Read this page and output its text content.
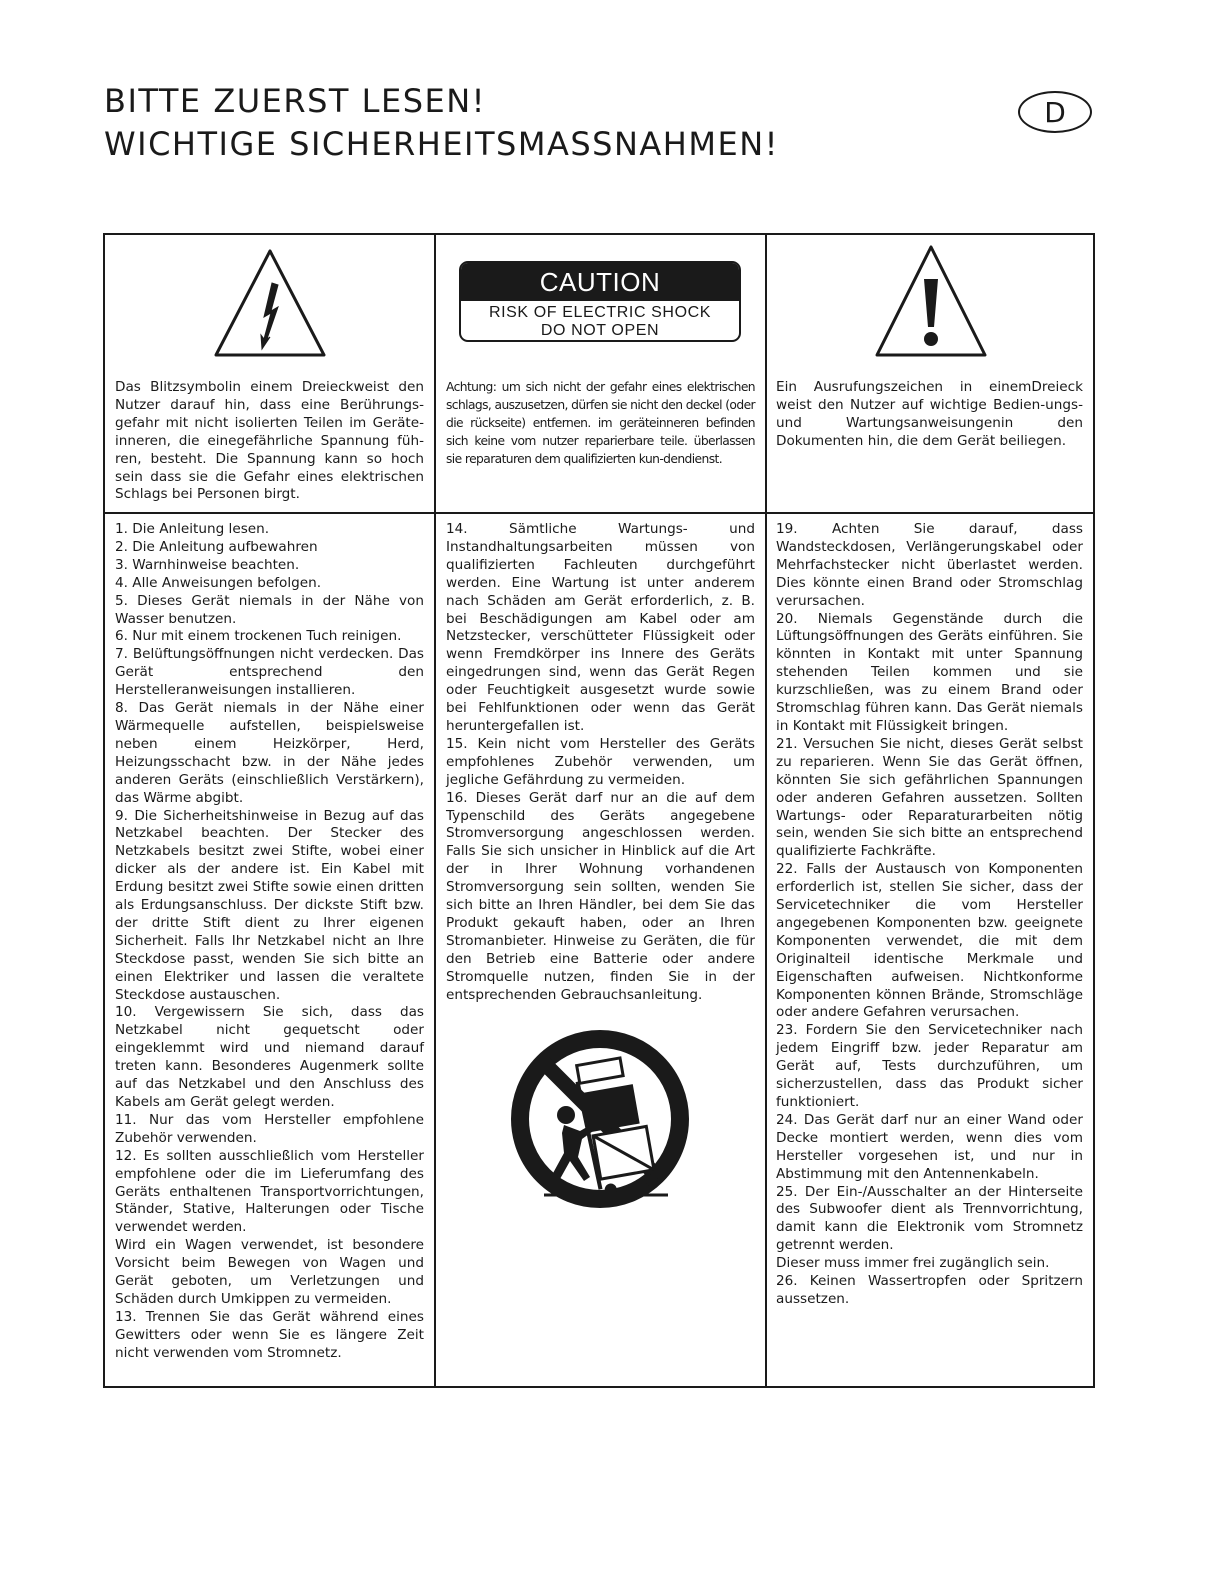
BITTE ZUERST LESEN!
WICHTIGE SICHERHEITSMASSNAHMEN!
D
CAUTION
RISK OF ELECTRIC SHOCK
DO NOT OPEN

Das Blitzsymbolin einem Dreieckweist den Nutzer darauf hin, dass eine Berührungs-gefahr mit nicht isolierten Teilen im Geräte-inneren, die einegefährliche Spannung füh-ren, besteht. Die Spannung kann so hoch sein dass sie die Gefahr eines elektrischen Schlags bei Personen birgt.

Achtung: um sich nicht der gefahr eines elektrischen schlags, auszusetzen, dürfen sie nicht den deckel (oder die rückseite) entfernen. im geräteinneren befinden sich keine vom nutzer reparierbare teile. überlassen sie reparaturen dem qualifizierten kun-dendienst.

Ein Ausrufungszeichen in einemDreieck weist den Nutzer auf wichtige Bedien-ungs- und Wartungsanweisungenin den Dokumenten hin, die dem Gerät beiliegen.

1. Die Anleitung lesen.
2. Die Anleitung aufbewahren
3. Warnhinweise beachten.
4. Alle Anweisungen befolgen.
5. Dieses Gerät niemals in der Nähe von Wasser benutzen.
6. Nur mit einem trockenen Tuch reinigen.
7. Belüftungsöffnungen nicht verdecken. Das Gerät entsprechend den Herstelleranweisungen installieren.
8. Das Gerät niemals in der Nähe einer Wärmequelle aufstellen, beispielsweise neben einem Heizkörper, Herd, Heizungsschacht bzw. in der Nähe jedes anderen Geräts (einschließlich Verstärkern), das Wärme abgibt.
9. Die Sicherheitshinweise in Bezug auf das Netzkabel beachten. Der Stecker des Netzkabels besitzt zwei Stifte, wobei einer dicker als der andere ist. Ein Kabel mit Erdung besitzt zwei Stifte sowie einen dritten als Erdungsanschluss. Der dickste Stift bzw. der dritte Stift dient zu Ihrer eigenen Sicherheit. Falls Ihr Netzkabel nicht an Ihre Steckdose passt, wenden Sie sich bitte an einen Elektriker und lassen die veraltete Steckdose austauschen.
10. Vergewissern Sie sich, dass das Netzkabel nicht gequetscht oder eingeklemmt wird und niemand darauf treten kann. Besonderes Augenmerk sollte auf das Netzkabel und den Anschluss des Kabels am Gerät gelegt werden.
11. Nur das vom Hersteller empfohlene Zubehör verwenden.
12. Es sollten ausschließlich vom Hersteller empfohlene oder die im Lieferumfang des Geräts enthaltenen Transportvorrichtungen, Ständer, Stative, Halterungen oder Tische verwendet werden.
Wird ein Wagen verwendet, ist besondere Vorsicht beim Bewegen von Wagen und Gerät geboten, um Verletzungen und Schäden durch Umkippen zu vermeiden.
13. Trennen Sie das Gerät während eines Gewitters oder wenn Sie es längere Zeit nicht verwenden vom Stromnetz.
14. Sämtliche Wartungs- und Instandhaltungsarbeiten müssen von qualifizierten Fachleuten durchgeführt werden. Eine Wartung ist unter anderem nach Schäden am Gerät erforderlich, z. B. bei Beschädigungen am Kabel oder am Netzstecker, verschütteter Flüssigkeit oder wenn Fremdkörper ins Innere des Geräts eingedrungen sind, wenn das Gerät Regen oder Feuchtigkeit ausgesetzt wurde sowie bei Fehlfunktionen oder wenn das Gerät heruntergefallen ist.
15. Kein nicht vom Hersteller des Geräts empfohlenes Zubehör verwenden, um jegliche Gefährdung zu vermeiden.
16. Dieses Gerät darf nur an die auf dem Typenschild des Geräts angegebene Stromversorgung angeschlossen werden. Falls Sie sich unsicher in Hinblick auf die Art der in Ihrer Wohnung vorhandenen Stromversorgung sein sollten, wenden Sie sich bitte an Ihren Händler, bei dem Sie das Produkt gekauft haben, oder an Ihren Stromanbieter. Hinweise zu Geräten, die für den Betrieb eine Batterie oder andere Stromquelle nutzen, finden Sie in der entsprechenden Gebrauchsanleitung.
19. Achten Sie darauf, dass Wandsteckdosen, Verlängerungskabel oder Mehrfachstecker nicht überlastet werden. Dies könnte einen Brand oder Stromschlag verursachen.
20. Niemals Gegenstände durch die Lüftungsöffnungen des Geräts einführen. Sie könnten in Kontakt mit unter Spannung stehenden Teilen kommen und sie kurzschließen, was zu einem Brand oder Stromschlag führen kann. Das Gerät niemals in Kontakt mit Flüssigkeit bringen.
21. Versuchen Sie nicht, dieses Gerät selbst zu reparieren. Wenn Sie das Gerät öffnen, könnten Sie sich gefährlichen Spannungen oder anderen Gefahren aussetzen. Sollten Wartungs- oder Reparaturarbeiten nötig sein, wenden Sie sich bitte an entsprechend qualifizierte Fachkräfte.
22. Falls der Austausch von Komponenten erforderlich ist, stellen Sie sicher, dass der Servicetechniker die vom Hersteller angegebenen Komponenten bzw. geeignete Komponenten verwendet, die mit dem Originalteil identische Merkmale und Eigenschaften aufweisen. Nichtkonforme Komponenten können Brände, Stromschläge oder andere Gefahren verursachen.
23. Fordern Sie den Servicetechniker nach jedem Eingriff bzw. jeder Reparatur am Gerät auf, Tests durchzuführen, um sicherzustellen, dass das Produkt sicher funktioniert.
24. Das Gerät darf nur an einer Wand oder Decke montiert werden, wenn dies vom Hersteller vorgesehen ist, und nur in Abstimmung mit den Antennenkabeln.
25. Der Ein-/Ausschalter an der Hinterseite des Subwoofer dient als Trennvorrichtung, damit kann die Elektronik vom Stromnetz getrennt werden.
Dieser muss immer frei zugänglich sein.
26. Keinen Wassertropfen oder Spritzern aussetzen.
